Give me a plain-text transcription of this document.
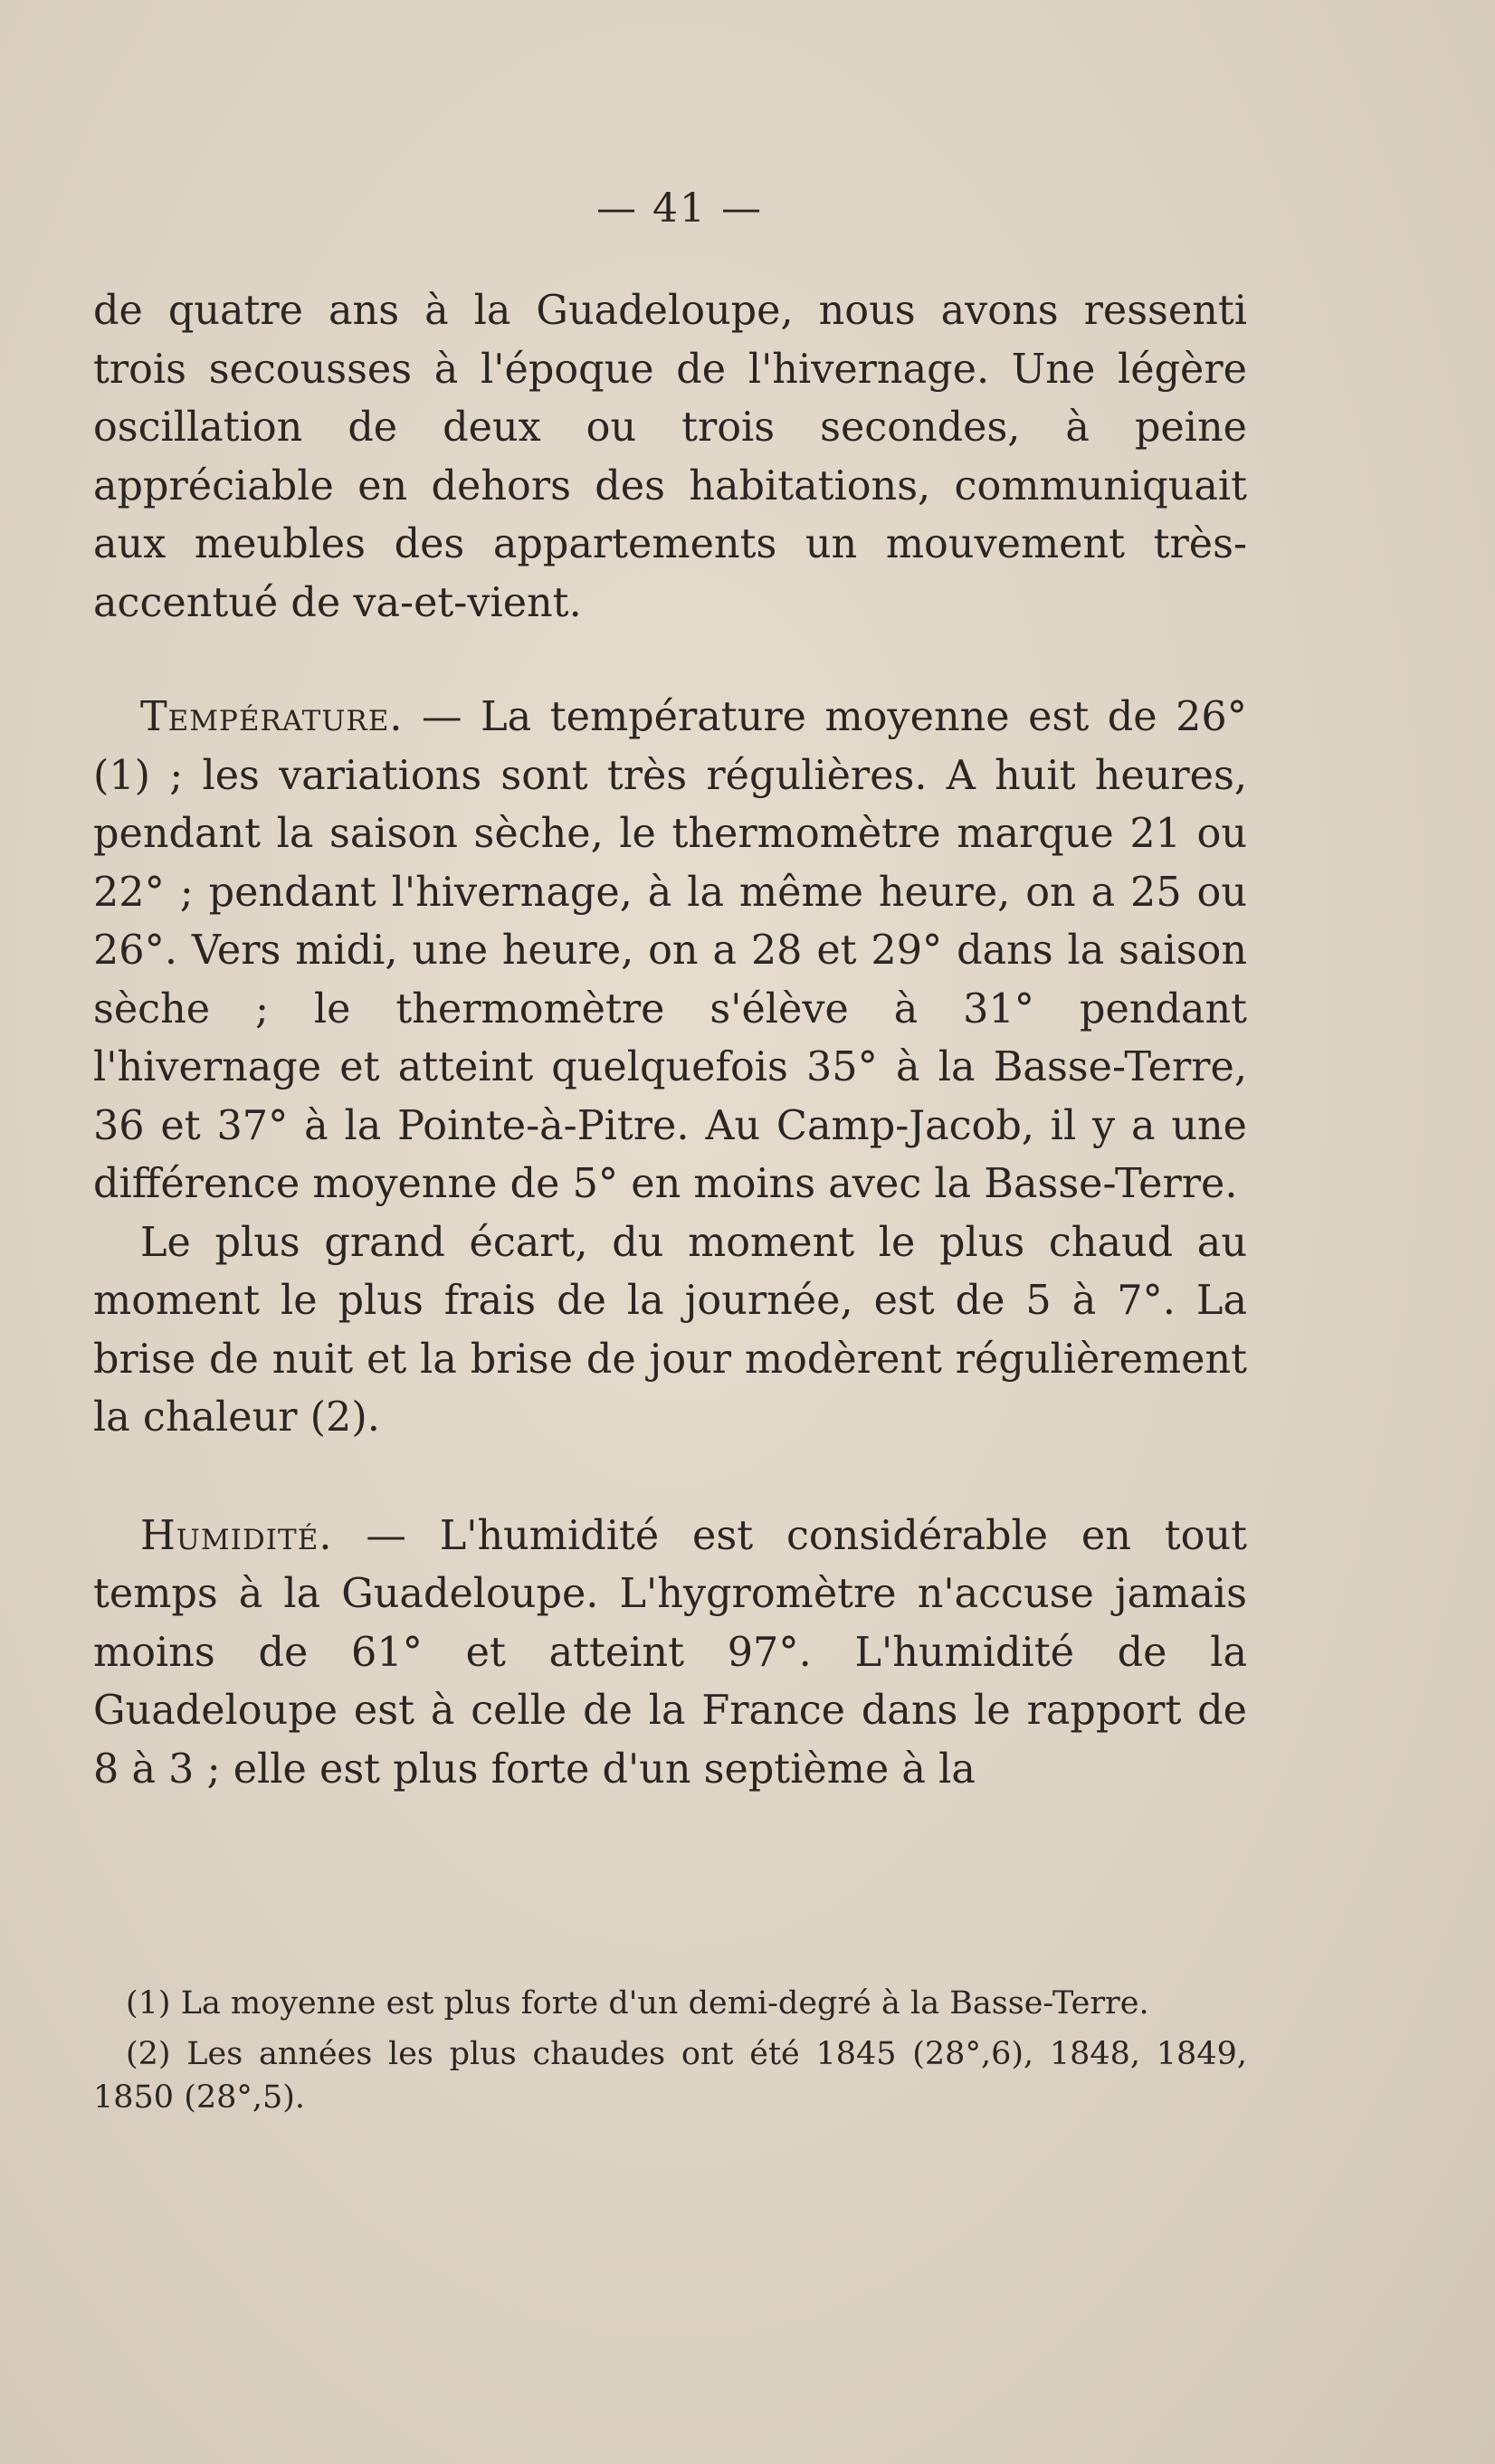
— 41 —

de quatre ans à la Guadeloupe, nous avons ressenti trois secousses à l'époque de l'hivernage. Une légère oscillation de deux ou trois secondes, à peine appréciable en dehors des habitations, communiquait aux meubles des appartements un mouvement très-accentué de va-et-vient.

Température. — La température moyenne est de 26° (1) ; les variations sont très régulières. A huit heures, pendant la saison sèche, le thermomètre marque 21 ou 22° ; pendant l'hivernage, à la même heure, on a 25 ou 26°. Vers midi, une heure, on a 28 et 29° dans la saison sèche ; le thermomètre s'élève à 31° pendant l'hivernage et atteint quelquefois 35° à la Basse-Terre, 36 et 37° à la Pointe-à-Pitre. Au Camp-Jacob, il y a une différence moyenne de 5° en moins avec la Basse-Terre.

Le plus grand écart, du moment le plus chaud au moment le plus frais de la journée, est de 5 à 7°. La brise de nuit et la brise de jour modèrent régulièrement la chaleur (2).

Humidité. — L'humidité est considérable en tout temps à la Guadeloupe. L'hygromètre n'accuse jamais moins de 61° et atteint 97°. L'humidité de la Guadeloupe est à celle de la France dans le rapport de 8 à 3 ; elle est plus forte d'un septième à la

(1) La moyenne est plus forte d'un demi-degré à la Basse-Terre.

(2) Les années les plus chaudes ont été 1845 (28°,6), 1848, 1849, 1850 (28°,5).
